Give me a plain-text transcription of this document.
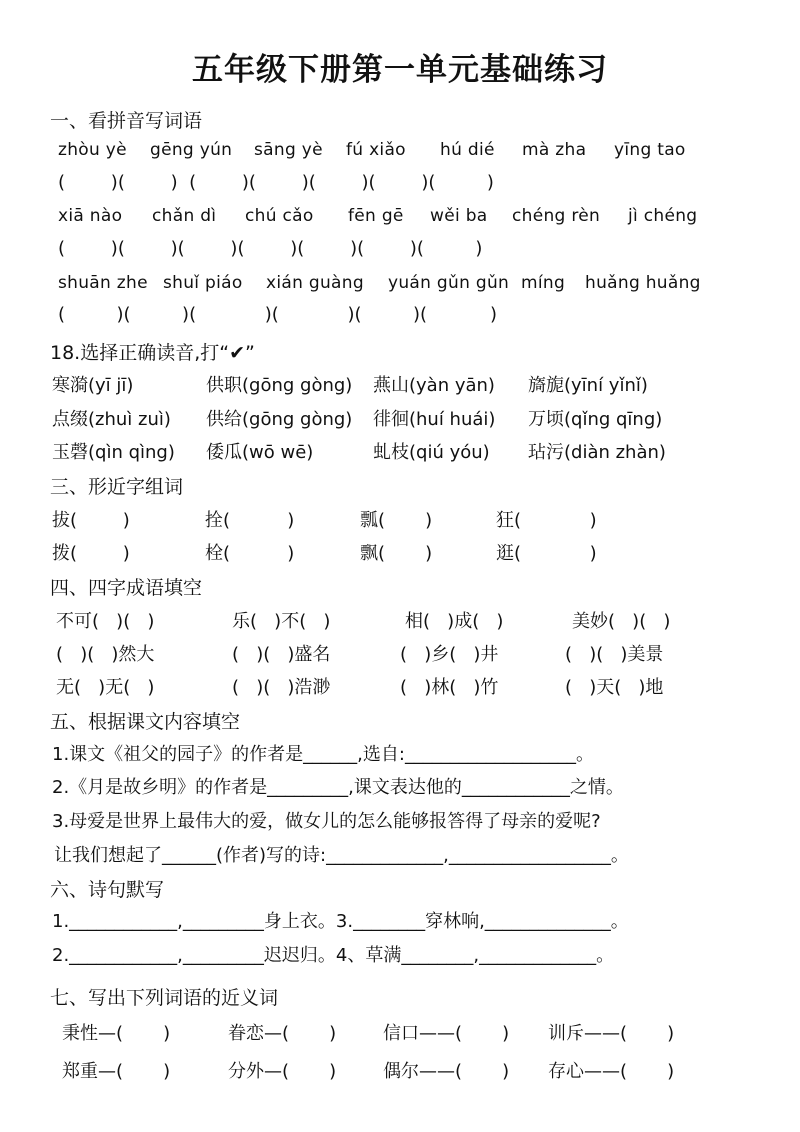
五年级下册第一单元基础练习
一、看拼音写词语
zhòu yè gēng yún sāng yè fú xiǎo hú dié mà zha yīng tao
(        )(        )  (        )(        )(        )(        )(         )
xiā nào chǎn dì chú cǎo fēn gē wěi ba chéng rèn jì chéng
(        )(        )(        )(        )(        )(        )(         )
shuān zhe shuǐ piáo xián guàng yuán gǔn gǔn míng huǎng huǎng
(         )(         )(            )(            )(         )(           )
18.选择正确读音,打“✔”
寒漪(yī jī)	供职(gōng gòng) 燕山(yàn yān) 旖旎(yīní yǐnǐ)
点缀(zhuì zuì) 供给(gōng gòng) 徘徊(huí huái) 万顷(qǐng qīng)
玉磬(qìn qìng) 倭瓜(wō wē)	虬枝(qiú yóu) 玷污(diàn zhàn)
三、形近字组词
拔(        )	拴(          )	瓢(       )	狂(            )
拨(        )	栓(          )	飘(       )	逛(            )
四、四字成语填空
不可(   )(   )	乐(   )不(   )	相(   )成(   )	美妙(   )(   )
(   )(   )然大	(   )(   )盛名	(   )乡(   )井	(   )(   )美景
无(   )无(   )	(   )(   )浩渺	(   )林(   )竹	(   )天(   )地
五、根据课文内容填空
1.课文《祖父的园子》的作者是______,选自:___________________。
2.《月是故乡明》的作者是_________,课文表达他的____________之情。
3.母爱是世界上最伟大的爱，做女儿的怎么能够报答得了母亲的爱呢?
让我们想起了______(作者)写的诗:_____________,__________________。
六、诗句默写
1.____________,_________身上衣。3.________穿林响,______________。
2.____________,_________迟迟归。4、草满________,_____________。
七、写出下列词语的近义词
秉性—(       )	眷恋—(       )	信口——(       ) 训斥——(       )
郑重—(       )	分外—(       )	偶尔——(       ) 存心——(       )
